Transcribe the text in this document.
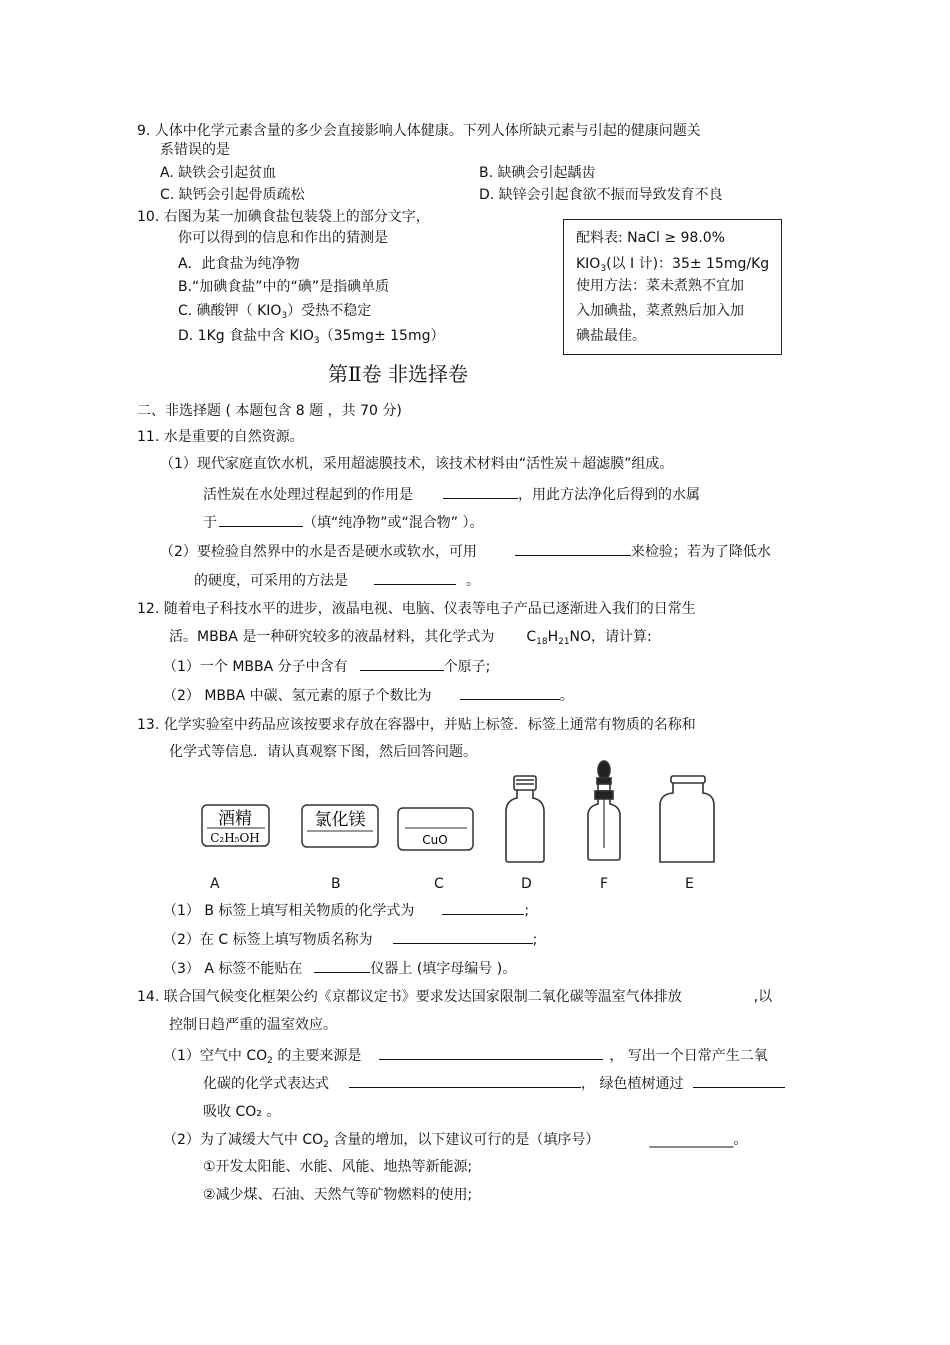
9. 人体中化学元素含量的多少会直接影响人体健康。下列人体所缺元素与引起的健康问题关
系错误的是
A. 缺铁会引起贫血	B. 缺碘会引起龋齿
C. 缺钙会引起骨质疏松	D. 缺锌会引起食欲不振而导致发育不良
10. 右图为某一加碘食盐包装袋上的部分文字，
你可以得到的信息和作出的猜测是
A．此食盐为纯净物
B.“加碘食盐”中的“碘”是指碘单质
C. 碘酸钾（ $KIO_3$）受热不稳定
D. 1Kg 食盐中含 $KIO_3(35mg\pm 15mg)$
配料表: NaCl ≥ 98.0%
$KIO_3$(以 I 计)：35± 15mg/Kg
使用方法：菜未煮熟不宜加
入加碘盐，菜煮熟后加入加
碘盐最佳。
第Ⅱ卷 非选择卷
二、非选择题 ( 本题包含 8 题 ，共 70 分)
11. 水是重要的自然资源。
（1）现代家庭直饮水机，采用超滤膜技术，该技术材料由“活性炭＋超滤膜”组成。
活性炭在水处理过程起到的作用是	，用此方法净化后得到的水属
于	（填“纯净物”或“混合物” ）。
（2）要检验自然界中的水是否是硬水或软水，可用	来检验；若为了降低水
的硬度，可采用的方法是	。
12. 随着电子科技水平的进步，液晶电视、电脑、仪表等电子产品已逐渐进入我们的日常生
活。MBBA 是一种研究较多的液晶材料，其化学式为 $C_{18}H_{21}NO$，请计算:
（1）一个 MBBA 分子中含有	个原子;
（2） MBBA 中碳、氢元素的原子个数比为	。
13. 化学实验室中药品应该按要求存放在容器中，并贴上标签．标签上通常有物质的名称和
化学式等信息．请认真观察下图，然后回答问题。
酒精
C₂H₅OH
氯化镁
CuO
A	B	C	D	F	E
（1） B 标签上填写相关物质的化学式为	;
（2）在 C 标签上填写物质名称为	;
（3） A 标签不能贴在	仪器上 (填字母编号 )。
14. 联合国气候变化框架公约《京都议定书》要求发达国家限制二氧化碳等温室气体排放	,以
控制日趋严重的温室效应。
（1）空气中 $CO_2$ 的主要来源是	， 写出一个日常产生二氧
化碳的化学式表达式	， 绿色植树通过
吸收 CO₂ 。
（2）为了减缓大气中 $CO_2$ 含量的增加，以下建议可行的是（填序号）	____________。
①开发太阳能、水能、风能、地热等新能源;
②减少煤、石油、天然气等矿物燃料的使用;
